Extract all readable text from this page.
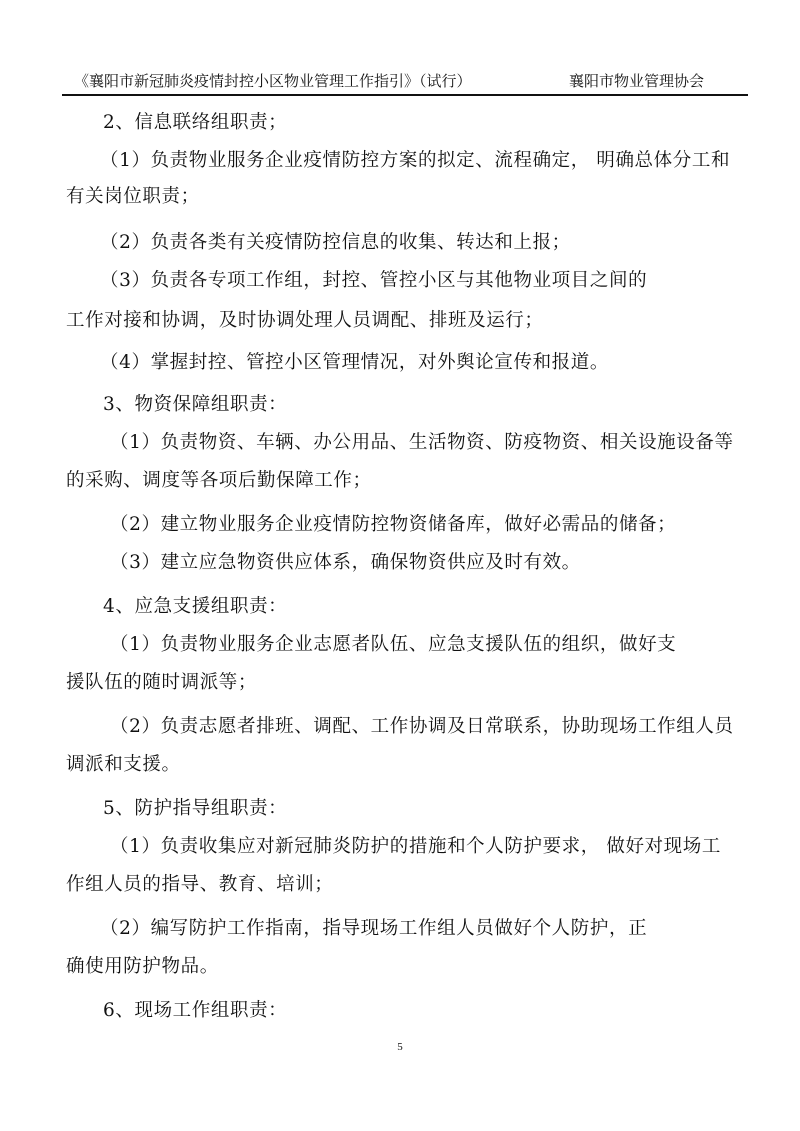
《襄阳市新冠肺炎疫情封控小区物业管理工作指引》（试行）	襄阳市物业管理协会
2、信息联络组职责；
（1）负责物业服务企业疫情防控方案的拟定、流程确定， 明确总体分工和
有关岗位职责；
（2）负责各类有关疫情防控信息的收集、转达和上报；
（3）负责各专项工作组，封控、管控小区与其他物业项目之间的
工作对接和协调，及时协调处理人员调配、排班及运行；
（4）掌握封控、管控小区管理情况，对外舆论宣传和报道。
3、物资保障组职责：
（1）负责物资、车辆、办公用品、生活物资、防疫物资、相关设施设备等
的采购、调度等各项后勤保障工作；
（2）建立物业服务企业疫情防控物资储备库，做好必需品的储备；
（3）建立应急物资供应体系，确保物资供应及时有效。
4、应急支援组职责：
（1）负责物业服务企业志愿者队伍、应急支援队伍的组织，做好支
援队伍的随时调派等；
（2）负责志愿者排班、调配、工作协调及日常联系，协助现场工作组人员
调派和支援。
5、防护指导组职责：
（1）负责收集应对新冠肺炎防护的措施和个人防护要求， 做好对现场工
作组人员的指导、教育、培训；
（2）编写防护工作指南，指导现场工作组人员做好个人防护，正
确使用防护物品。
6、现场工作组职责：
5
